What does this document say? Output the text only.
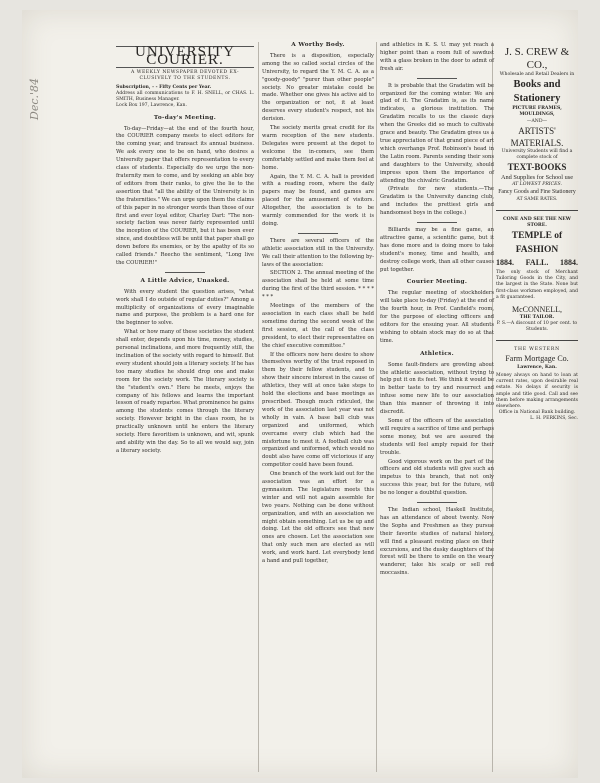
Dec.'84
UNIVERSITY COURIER.
A WEEKLY NEWSPAPER DEVOTED EX-CLUSIVELY TO THE STUDENTS.
Subscription, - - Fifty Cents per Year.
Address all communications to F. H. SNELL, or CHAS. L. SMITH, Business Manager.
Lock Box 197, Lawrence, Kan.
To-day's Meeting.

To-day—Friday—at the end of the fourth hour, the COURIER company meets to elect editors for the coming year, and transact its annual business. We ask every one to be on hand, who desires a University paper that offers representation to every class of students. Especially do we urge the non-fraternity men to come, and by seeking an able boy of editors from their ranks, to give the lie to the assertion that "all the ability of the University is in the fraternities." We can urge upon them the claims of this paper in no stronger words than those of our first and ever loyal editor, Charley Dart: "The non-society faction was never fairly represented until the inception of the COURIER, but it has been ever since, and doubtless will be until that paper shall go down before its enemies, or by the apathy of its so called friends." Reecho the sentiment, "Long live the COURIER!"

A Little Advice, Unasked.

With every student the question arises, "what work shall I do outside of regular duties?" Among a multiplicity of organizations of every imaginable name and purpose, the problem is a hard one for the beginner to solve.

What or how many of these societies the student shall enter, depends upon his time, money, studies, personal inclinations, and more frequently still, the inclination of the society with regard to himself. But every student should join a literary society. If he has too many studies he should drop one and make room for the society work. The literary society is the "student's own." Here he meets, enjoys the company of his fellows and learns the important lesson of ready repartee. What prominence he gains among the students comes through the literary society. However bright in the class room, he is practically unknown until he enters the literary society. Here favoritism is unknown, and wit, spunk and ability win the day. So to all we would say, join a literary society.

A Worthy Body.

There is a disposition, especially among the so called social circles of the University, to regard the Y. M. C. A. as a "goody-goody" "purer than other people" society. No greater mistake could be made. Whether one gives his active aid to the organization or not, it at least deserves every student's respect, not his derision.

The society merits great credit for its warm reception of the new students. Delegates were present at the depot to welcome the in-comers, see them comfortably settled and make them feel at home.

Again, the Y. M. C. A. hall is provided with a reading room, where the daily papers may be found, and games are placed for the amusement of visitors. Altogether, the association is to be warmly commended for the work it is doing.

There are several officers of the athletic association still in the University. We call their attention to the following by-laws of the association:

SECTION 2. The annual meeting of the association shall be held at some time during the first of the third session. * * * * * * *

Meetings of the members of the association in each class shall be held sometime during the second week of the first session, at the call of the class president, to elect their representative on the chief executive committee."

If the officers now here desire to show themselves worthy of the trust reposed in them by their fellow students, and to show their sincere interest in the cause of athletics, they will at once take steps to hold the elections and base meetings as prescribed. Though much ridiculed, the work of the association last year was not wholly in vain. A base ball club was organized and uniformed, which overcame every club which had the misfortune to meet it. A football club was organized and uniformed, which would no doubt also have come off victorious if any competitor could have been found.

One branch of the work laid out for the association was an effort for a gymnasium. The legislature meets this winter and will not again assemble for two years. Nothing can be done without organization, and with an association we might obtain something. Let us be up and doing. Let the old officers see that new ones are chosen. Let the association see that only such men are elected as will work, and work hard. Let everybody lend a hand and pull together,

and athletics in K. S. U. may yet reach a higher point than a room full of sawdust with a glass broken in the door to admit of fresh air.

It is probable that the Gradatim will be organized for the coming winter. We are glad of it. The Gradatim is, as its name indicates, a glorious institution. The Gradatim recalls to us the classic days when the Greeks did so much to cultivate grace and beauty. The Gradatim gives us a true appreciation of that grand piece of art which overhangs Prof. Robinson's head in the Latin room. Parents sending their sons and daughters to the University, should impress upon them the importance of attending the chivalric Gradatim.

(Private for new students.—The Gradatim is the University dancing club, and includes the prettiest girls and handsomest boys in the college.)

Billiards may be a fine game, an attractive game, a scientific game, but it has done more and is doing more to take student's money, time and health, and destroy college work, than all other causes put together.

Courier Meeting.

The regular meeting of stockholders will take place to-day (Friday) at the end of the fourth hour, in Prof. Canfield's room, for the purpose of electing officers and editors for the ensuing year. All students wishing to obtain stock may do so at that time.

Athletics.

Some fault-finders are growling about the athletic association, without trying to help put it on its feet. We think it would be in better taste to try and resurrect and infuse some new life to our association than this manner of throwing it into discredit.

Some of the officers of the association will require a sacrifice of time and perhaps some money, but we are assured the students will feel amply repaid for their trouble.

Good vigorous work on the part of the officers and old students will give such an impetus to this branch, that not only success this year, but for the future, will be no longer a doubtful question.

The Indian school, Haskell Institute, has an attendance of about twenty. Now the Sophs and Freshmen as they pursue their favorite studies of natural history, will find a pleasant resting place on their excursions, and the dusky daughters of the forest will be there to smile on the weary wanderer, take his scalp or sell red moccasins.

J. S. CREW & CO.,
Wholesale and Retail Dealers in
Books and Stationery
PICTURE FRAMES, MOULDINGS,
—AND—
ARTISTS' MATERIALS.
University Students will find a complete stock of
TEXT-BOOKS
And Supplies for School use
AT LOWEST PRICES.
Fancy Goods and Fine Stationery
AT SAME RATES.
CONE AND SEE THE NEW STORE.
TEMPLE of FASHION
1884. FALL. 1884.
The only stock of Merchant Tailoring Goods in the City, and the largest in the State. None but first-class workmen employed, and a fit guaranteed.
McCONNELL,
THE TAILOR.
P. S.—A discount of 10 per cent. to Students.
THE WESTERN
Farm Mortgage Co.
Lawrence, Kan.
Money always on hand to loan at current rates, upon desirable real estate. No delays if security is ample and title good. Call and see them before making arrangements elsewhere.
Office in National Bank building.
L. H. PERKINS, Sec.
